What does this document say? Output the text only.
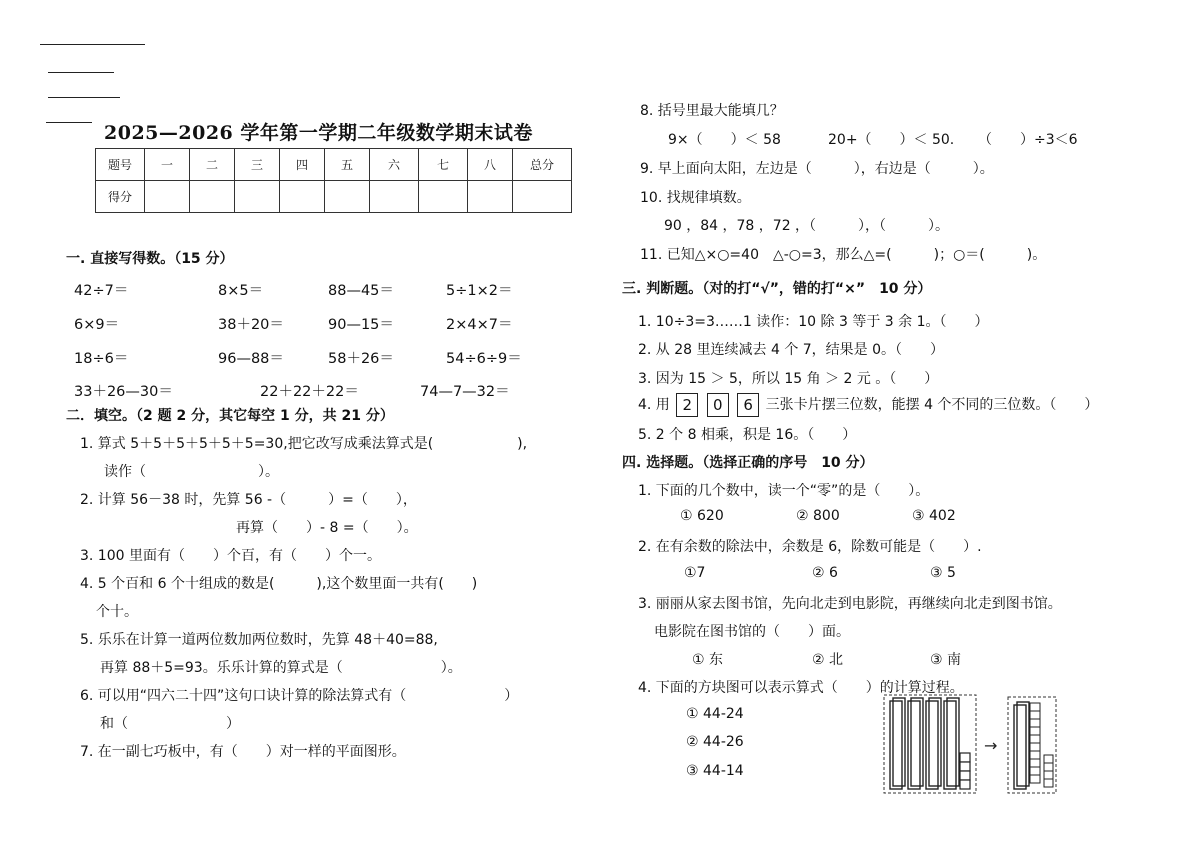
2025—2026 学年第一学期二年级数学期末试卷
题号	一	二	三	四	五	六	七	八	总分
得分									
一. 直接写得数。（15 分）
42÷7＝	8×5＝	88—45＝	5÷1×2＝
6×9＝	38＋20＝	90—15＝	2×4×7＝
18÷6＝	96—88＝	58＋26＝	54÷6÷9＝
33＋26—30＝	22＋22＋22＝	74—7—32＝
二．填空。（2 题 2 分，其它每空 1 分，共 21 分）
1. 算式 5＋5＋5＋5＋5＋5=30,把它改写成乘法算式是(　　　　　　),
读作（　　　　　　　　）。
2. 计算 56－38 时，先算 56 -（　　　）=（　　），
再算（　　）- 8 =（　　）。
3. 100 里面有（　　）个百，有（　　）个一。
4. 5 个百和 6 个十组成的数是(　　　),这个数里面一共有(　　)
个十。
5. 乐乐在计算一道两位数加两位数时，先算 48＋40=88,
再算 88＋5=93。乐乐计算的算式是（　　　　　　　）。
6. 可以用“四六二十四”这句口诀计算的除法算式有（　　　　　　　）
和（　　　　　　　）
7. 在一副七巧板中，有（　　）对一样的平面图形。
8. 括号里最大能填几？
9×（　　）＜ 58	20+（　　）＜ 50. （　　）÷3＜6
9. 早上面向太阳，左边是（　　　），右边是（　　　）。
10. 找规律填数。
90 ，84 ，78 ，72 ，（　　　），（　　　）。
11. 已知△×○=40　△-○=3，那么△=(　　　)；○＝(　　　)。
三. 判断题。（对的打“√”，错的打“×”　10 分）
1. 10÷3=3……1 读作：10 除 3 等于 3 余 1。（　　）
2. 从 28 里连续减去 4 个 7，结果是 0。（　　）
3. 因为 15 ＞ 5，所以 15 角 ＞ 2 元 。（　　）
4. 用 2 0 6 三张卡片摆三位数，能摆 4 个不同的三位数。（　　）
5. 2 个 8 相乘，积是 16。（　　）
四. 选择题。（选择正确的序号　10 分）
1. 下面的几个数中，读一个“零”的是（　　）。
① 620	② 800	③ 402
2. 在有余数的除法中，余数是 6，除数可能是（　　）.
①7	② 6	③ 5
3. 丽丽从家去图书馆，先向北走到电影院，再继续向北走到图书馆。
电影院在图书馆的（　　）面。
① 东	② 北	③ 南
4. 下面的方块图可以表示算式（　　）的计算过程。
① 44-24
② 44-26
③ 44-14
→
